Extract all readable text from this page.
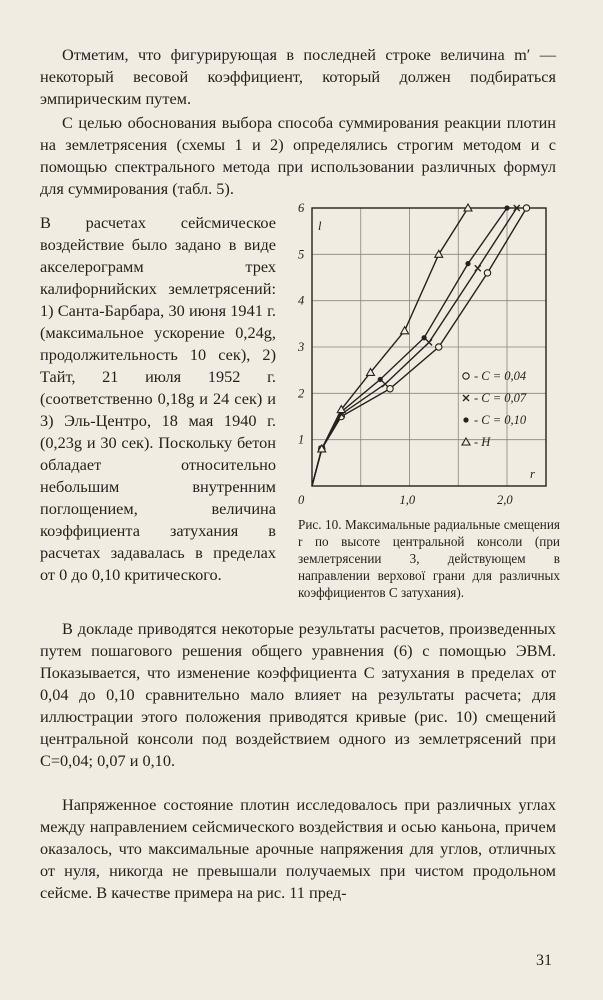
Отметим, что фигурирующая в последней строке величина m′ — некоторый весовой коэффициент, который должен подбираться эмпирическим путем.

С целью обоснования выбора способа суммирования реакции плотин на землетрясения (схемы 1 и 2) определялись строгим методом и с помощью спектрального метода при использовании различных формул для суммирования (табл. 5).

В расчетах сейсмическое воздействие было задано в виде акселерограмм трех калифорнийских землетрясений: 1) Санта-Барбара, 30 июня 1941 г. (максимальное ускорение 0,24g, продолжительность 10 сек), 2) Тайт, 21 июля 1952 г. (соответственно 0,18g и 24 сек) и 3) Эль-Центро, 18 мая 1940 г. (0,23g и 30 сек). Поскольку бетон обладает относительно небольшим внутренним поглощением, величина коэффициента затухания в расчетах задавалась в пределах от 0 до 0,10 критического.
1
2
3
4
5
6
0	1,0	2,0
l
r
- C = 0,04
- C = 0,07
- C = 0,10
- H
Рис. 10. Максимальные радиальные смещения r по высоте центральной консоли (при землетрясении 3, действующем в направлении верхової грани для различных коэффициентов C затухания).

В докладе приводятся некоторые результаты расчетов, произведенных путем пошагового решения общего уравнения (6) с помощью ЭВМ. Показывается, что изменение коэффициента C затухания в пределах от 0,04 до 0,10 сравнительно мало влияет на результаты расчета; для иллюстрации этого положения приводятся кривые (рис. 10) смещений центральной консоли под воздействием одного из землетрясений при C=0,04; 0,07 и 0,10.

Напряженное состояние плотин исследовалось при различных углах между направлением сейсмического воздействия и осью каньона, причем оказалось, что максимальные арочные напряжения для углов, отличных от нуля, никогда не превышали получаемых при чистом продольном сейсме. В качестве примера на рис. 11 пред-

31
